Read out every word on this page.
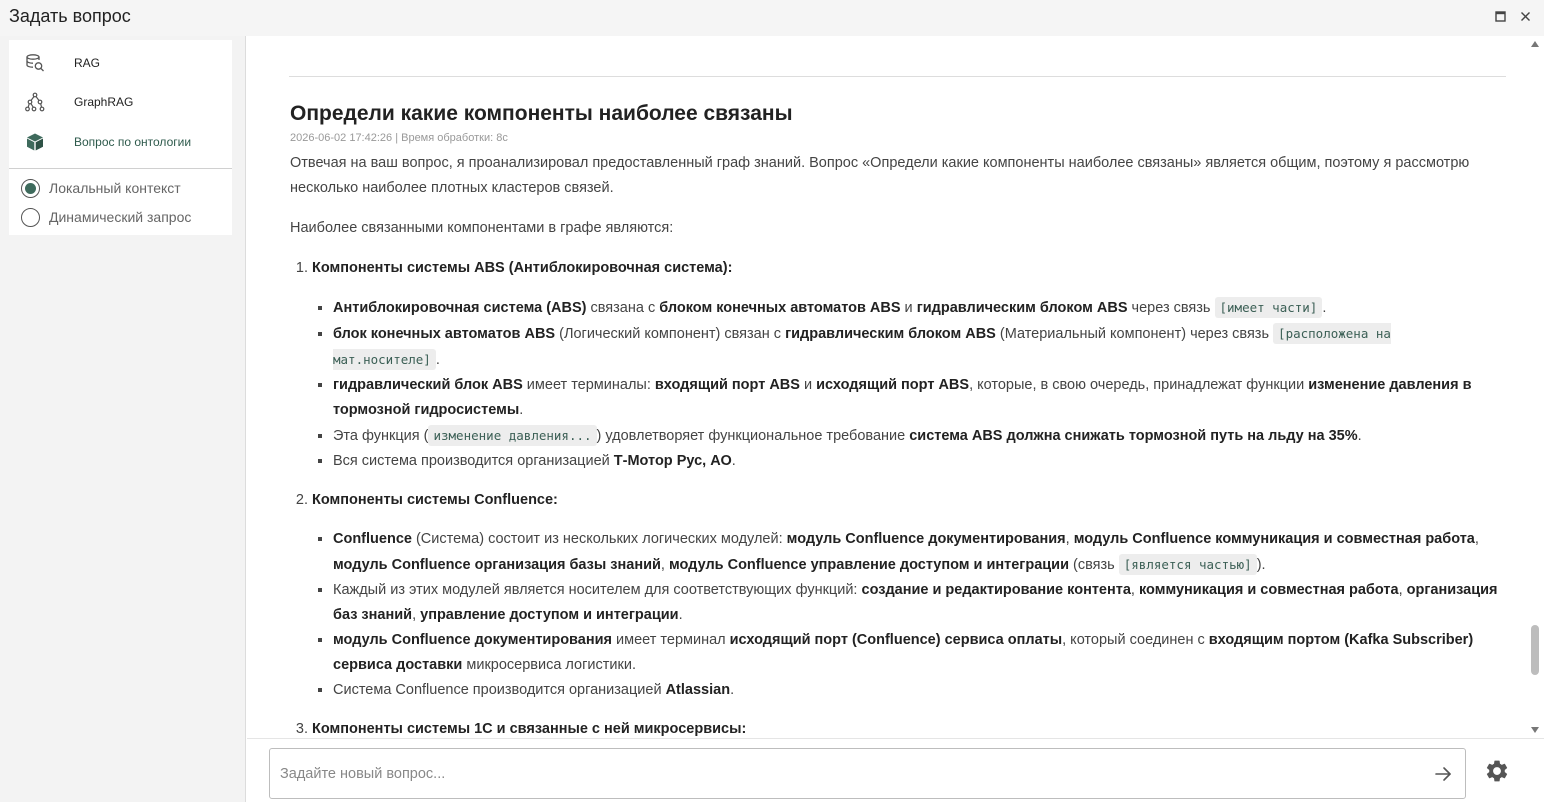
Задать вопрос
RAG
GraphRAG
Вопрос по онтологии
Локальный контекст
Динамический запрос
Определи какие компоненты наиболее связаны
2026-06-02 17:42:26 | Время обработки: 8с

Отвечая на ваш вопрос, я проанализировал предоставленный граф знаний. Вопрос «Определи какие компоненты наиболее связаны» является общим, поэтому я рассмотрю несколько наиболее плотных кластеров связей.

Наиболее связанными компонентами в графе являются:

1. Компоненты системы ABS (Антиблокировочная система):
▪ Антиблокировочная система (ABS) связана с блоком конечных автоматов ABS и гидравлическим блоком ABS через связь [имеет части] .
▪ блок конечных автоматов ABS (Логический компонент) связан с гидравлическим блоком ABS (Материальный компонент) через связь [расположена на мат.носителе] .
▪ гидравлический блок ABS имеет терминалы: входящий порт ABS и исходящий порт ABS, которые, в свою очередь, принадлежат функции изменение давления в тормозной гидросистемы.
▪ Эта функция ( изменение давления... ) удовлетворяет функциональное требование система ABS должна снижать тормозной путь на льду на 35%.
▪ Вся система производится организацией Т-Мотор Рус, АО.
2. Компоненты системы Confluence:
▪ Confluence (Система) состоит из нескольких логических модулей: модуль Confluence документирования, модуль Confluence коммуникация и совместная работа, модуль Confluence организация базы знаний, модуль Confluence управление доступом и интеграции (связь [является частью] ).
▪ Каждый из этих модулей является носителем для соответствующих функций: создание и редактирование контента, коммуникация и совместная работа, организация баз знаний, управление доступом и интеграции.
▪ модуль Confluence документирования имеет терминал исходящий порт (Confluence) сервиса оплаты, который соединен с входящим портом (Kafka Subscriber) сервиса доставки микросервиса логистики.
▪ Система Confluence производится организацией Atlassian.
3. Компоненты системы 1С и связанные с ней микросервисы:
Задайте новый вопрос...
